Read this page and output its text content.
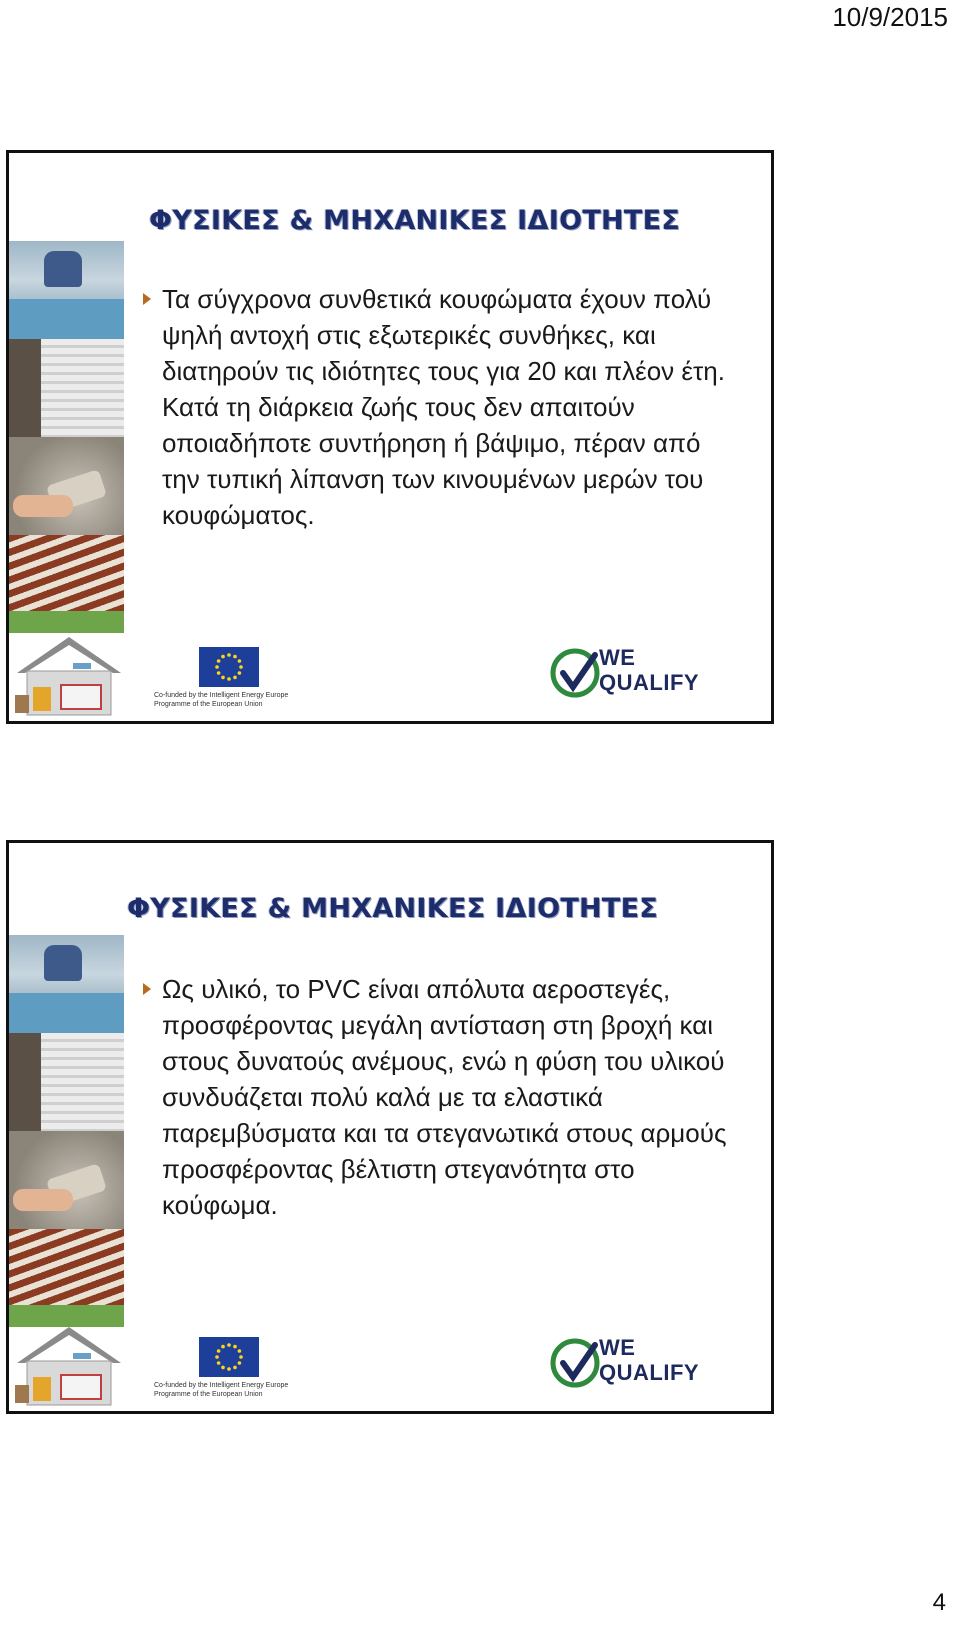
10/9/2015
ΦΥΣΙΚΕΣ & ΜΗΧΑΝΙΚΕΣ ΙΔΙΟΤΗΤΕΣ
Τα σύγχρονα συνθετικά κουφώματα έχουν πολύ ψηλή αντοχή στις εξωτερικές συνθήκες, και διατηρούν τις ιδιότητες τους για 20 και πλέον έτη. Κατά τη διάρκεια ζωής τους δεν απαιτούν οποιαδήποτε συντήρηση ή βάψιμο, πέραν από την τυπική λίπανση των κινουμένων μερών του κουφώματος.
Co-funded by the Intelligent Energy Europe Programme of the European Union
WE
QUALIFY
ΦΥΣΙΚΕΣ & ΜΗΧΑΝΙΚΕΣ ΙΔΙΟΤΗΤΕΣ
Ως υλικό, το PVC είναι απόλυτα αεροστεγές, προσφέροντας μεγάλη αντίσταση στη βροχή και στους δυνατούς ανέμους, ενώ η φύση του υλικού συνδυάζεται πολύ καλά με τα ελαστικά παρεμβύσματα και τα στεγανωτικά στους αρμούς προσφέροντας βέλτιστη στεγανότητα στο κούφωμα.
Co-funded by the Intelligent Energy Europe Programme of the European Union
WE
QUALIFY
4
